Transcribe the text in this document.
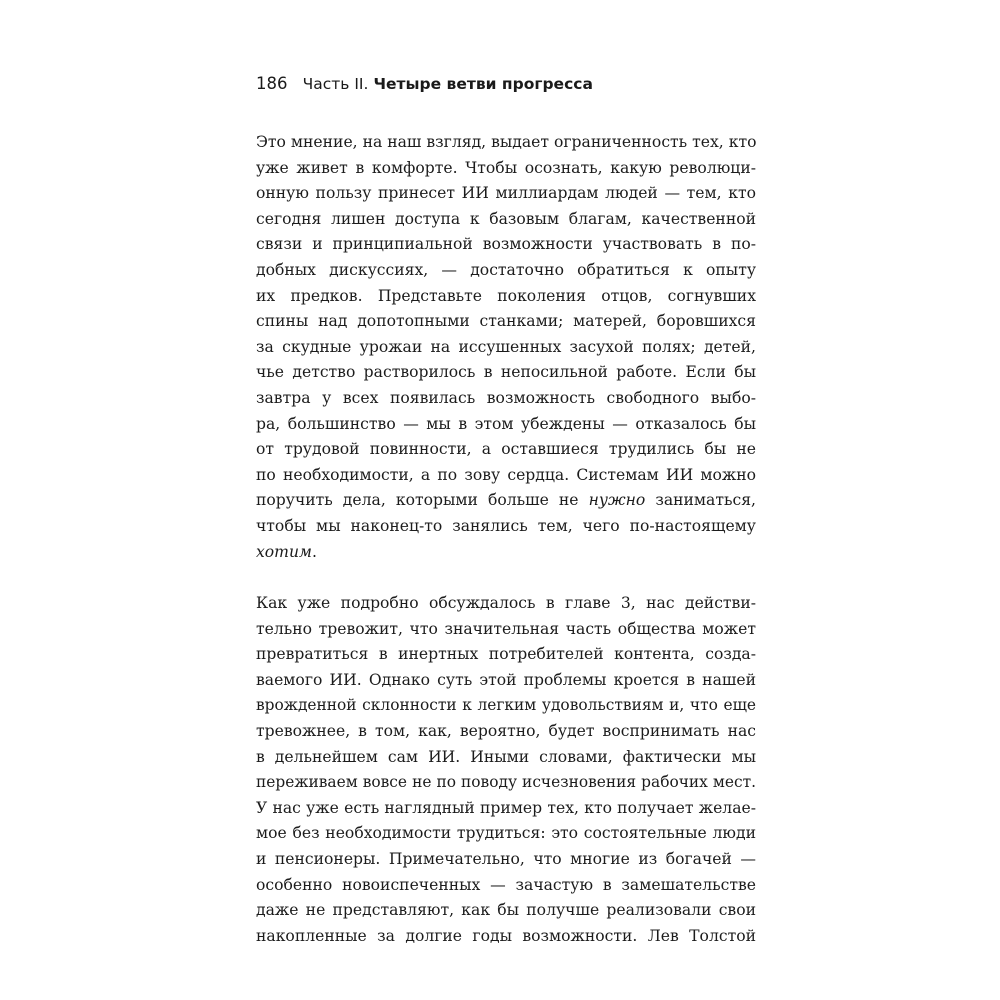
186 Часть II. Четыре ветви прогресса
Это мнение, на наш взгляд, выдает ограниченность тех, кто
уже живет в комфорте. Чтобы осознать, какую революци-
онную пользу принесет ИИ миллиардам людей — тем, кто
сегодня лишен доступа к базовым благам, качественной
связи и принципиальной возможности участвовать в по-
добных дискуссиях, — достаточно обратиться к опыту
их предков. Представьте поколения отцов, согнувших
спины над допотопными станками; матерей, боровшихся
за скудные урожаи на иссушенных засухой полях; детей,
чье детство растворилось в непосильной работе. Если бы
завтра у всех появилась возможность свободного выбо-
ра, большинство — мы в этом убеждены — отказалось бы
от трудовой повинности, а оставшиеся трудились бы не
по необходимости, а по зову сердца. Системам ИИ можно
поручить дела, которыми больше не нужно заниматься,
чтобы мы наконец-то занялись тем, чего по-настоящему
хотим.
Как уже подробно обсуждалось в главе 3, нас действи-
тельно тревожит, что значительная часть общества может
превратиться в инертных потребителей контента, созда-
ваемого ИИ. Однако суть этой проблемы кроется в нашей
врожденной склонности к легким удовольствиям и, что еще
тревожнее, в том, как, вероятно, будет воспринимать нас
в дельнейшем сам ИИ. Иными словами, фактически мы
переживаем вовсе не по поводу исчезновения рабочих мест.
У нас уже есть наглядный пример тех, кто получает желае-
мое без необходимости трудиться: это состоятельные люди
и пенсионеры. Примечательно, что многие из богачей —
особенно новоиспеченных — зачастую в замешательстве
даже не представляют, как бы получше реализовали свои
накопленные за долгие годы возможности. Лев Толстой
